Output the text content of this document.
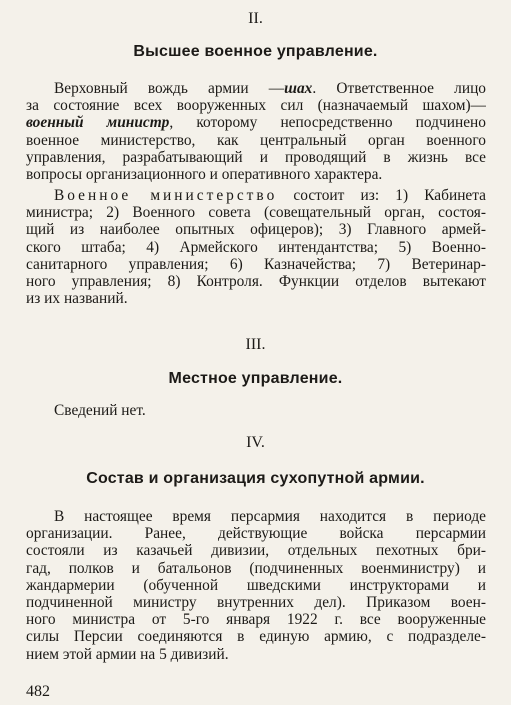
II.
Высшее военное управление.
Верховный вождь армии —шах. Ответственное лицо
за состояние всех вооруженных сил (назначаемый шахом)—
военный министр, которому непосредственно подчинено
военное министерство, как центральный орган военного
управления, разрабатывающий и проводящий в жизнь все
вопросы организационного и оперативного характера.
Военное министерство состоит из: 1) Кабинета
министра; 2) Военного совета (совещательный орган, состоя-
щий из наиболее опытных офицеров); 3) Главного армей-
ского штаба; 4) Армейского интендантства; 5) Военно-
санитарного управления; 6) Казначейства; 7) Ветеринар-
ного управления; 8) Контроля. Функции отделов вытекают
из их названий.
III.
Местное управление.
Сведений нет.
IV.
Состав и организация сухопутной армии.
В настоящее время персармия находится в периоде
организации. Ранее, действующие войска персармии
состояли из казачьей дивизии, отдельных пехотных бри-
гад, полков и батальонов (подчиненных военминистру) и
жандармерии (обученной шведскими инструкторами и
подчиненной министру внутренних дел). Приказом воен-
ного министра от 5-го января 1922 г. все вооруженные
силы Персии соединяются в единую армию, с подразделе-
нием этой армии на 5 дивизий.
482
